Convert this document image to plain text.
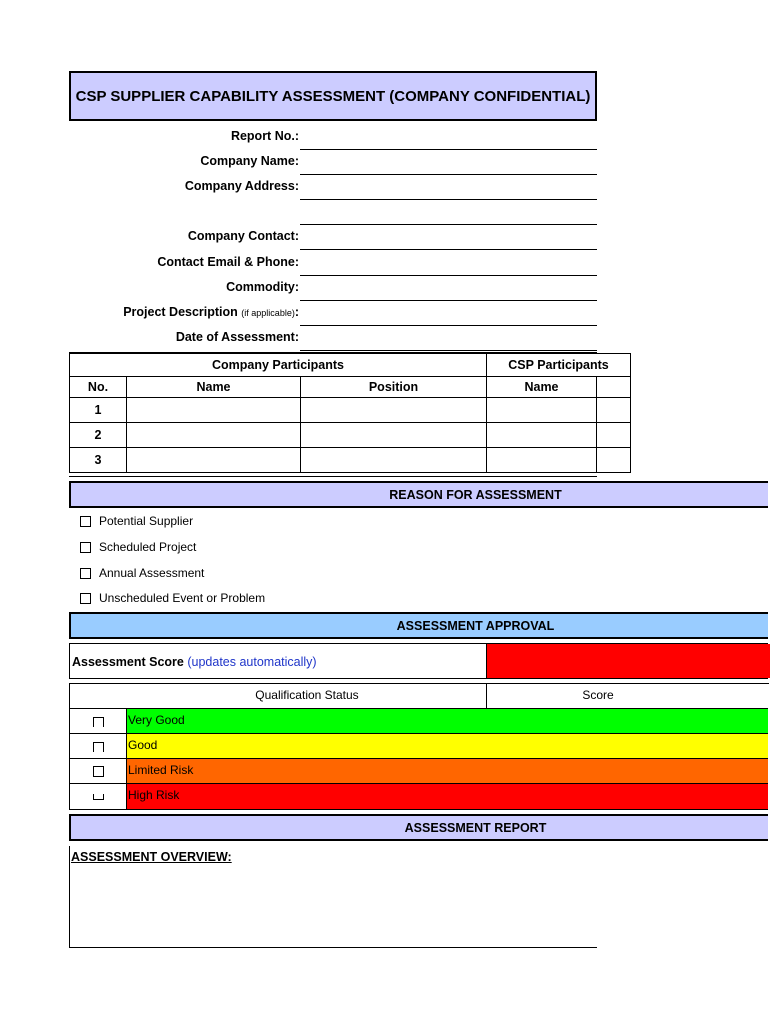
CSP SUPPLIER CAPABILITY ASSESSMENT (COMPANY CONFIDENTIAL)
Report No.:
Company Name:
Company Address:
Company Contact:
Contact Email & Phone:
Commodity:
Project Description (if applicable):
Date of Assessment:
Company Participants			CSP Participants	
No.	Name	Position	Name	
1				
2				
3				
REASON FOR ASSESSMENT
Potential Supplier
Scheduled Project
Annual Assessment
Unscheduled Event or Problem
ASSESSMENT APPROVAL
Assessment Score (updates automatically)
Qualification Status	Score
Very Good
Good
Limited Risk
High Risk
ASSESSMENT REPORT
ASSESSMENT OVERVIEW:
